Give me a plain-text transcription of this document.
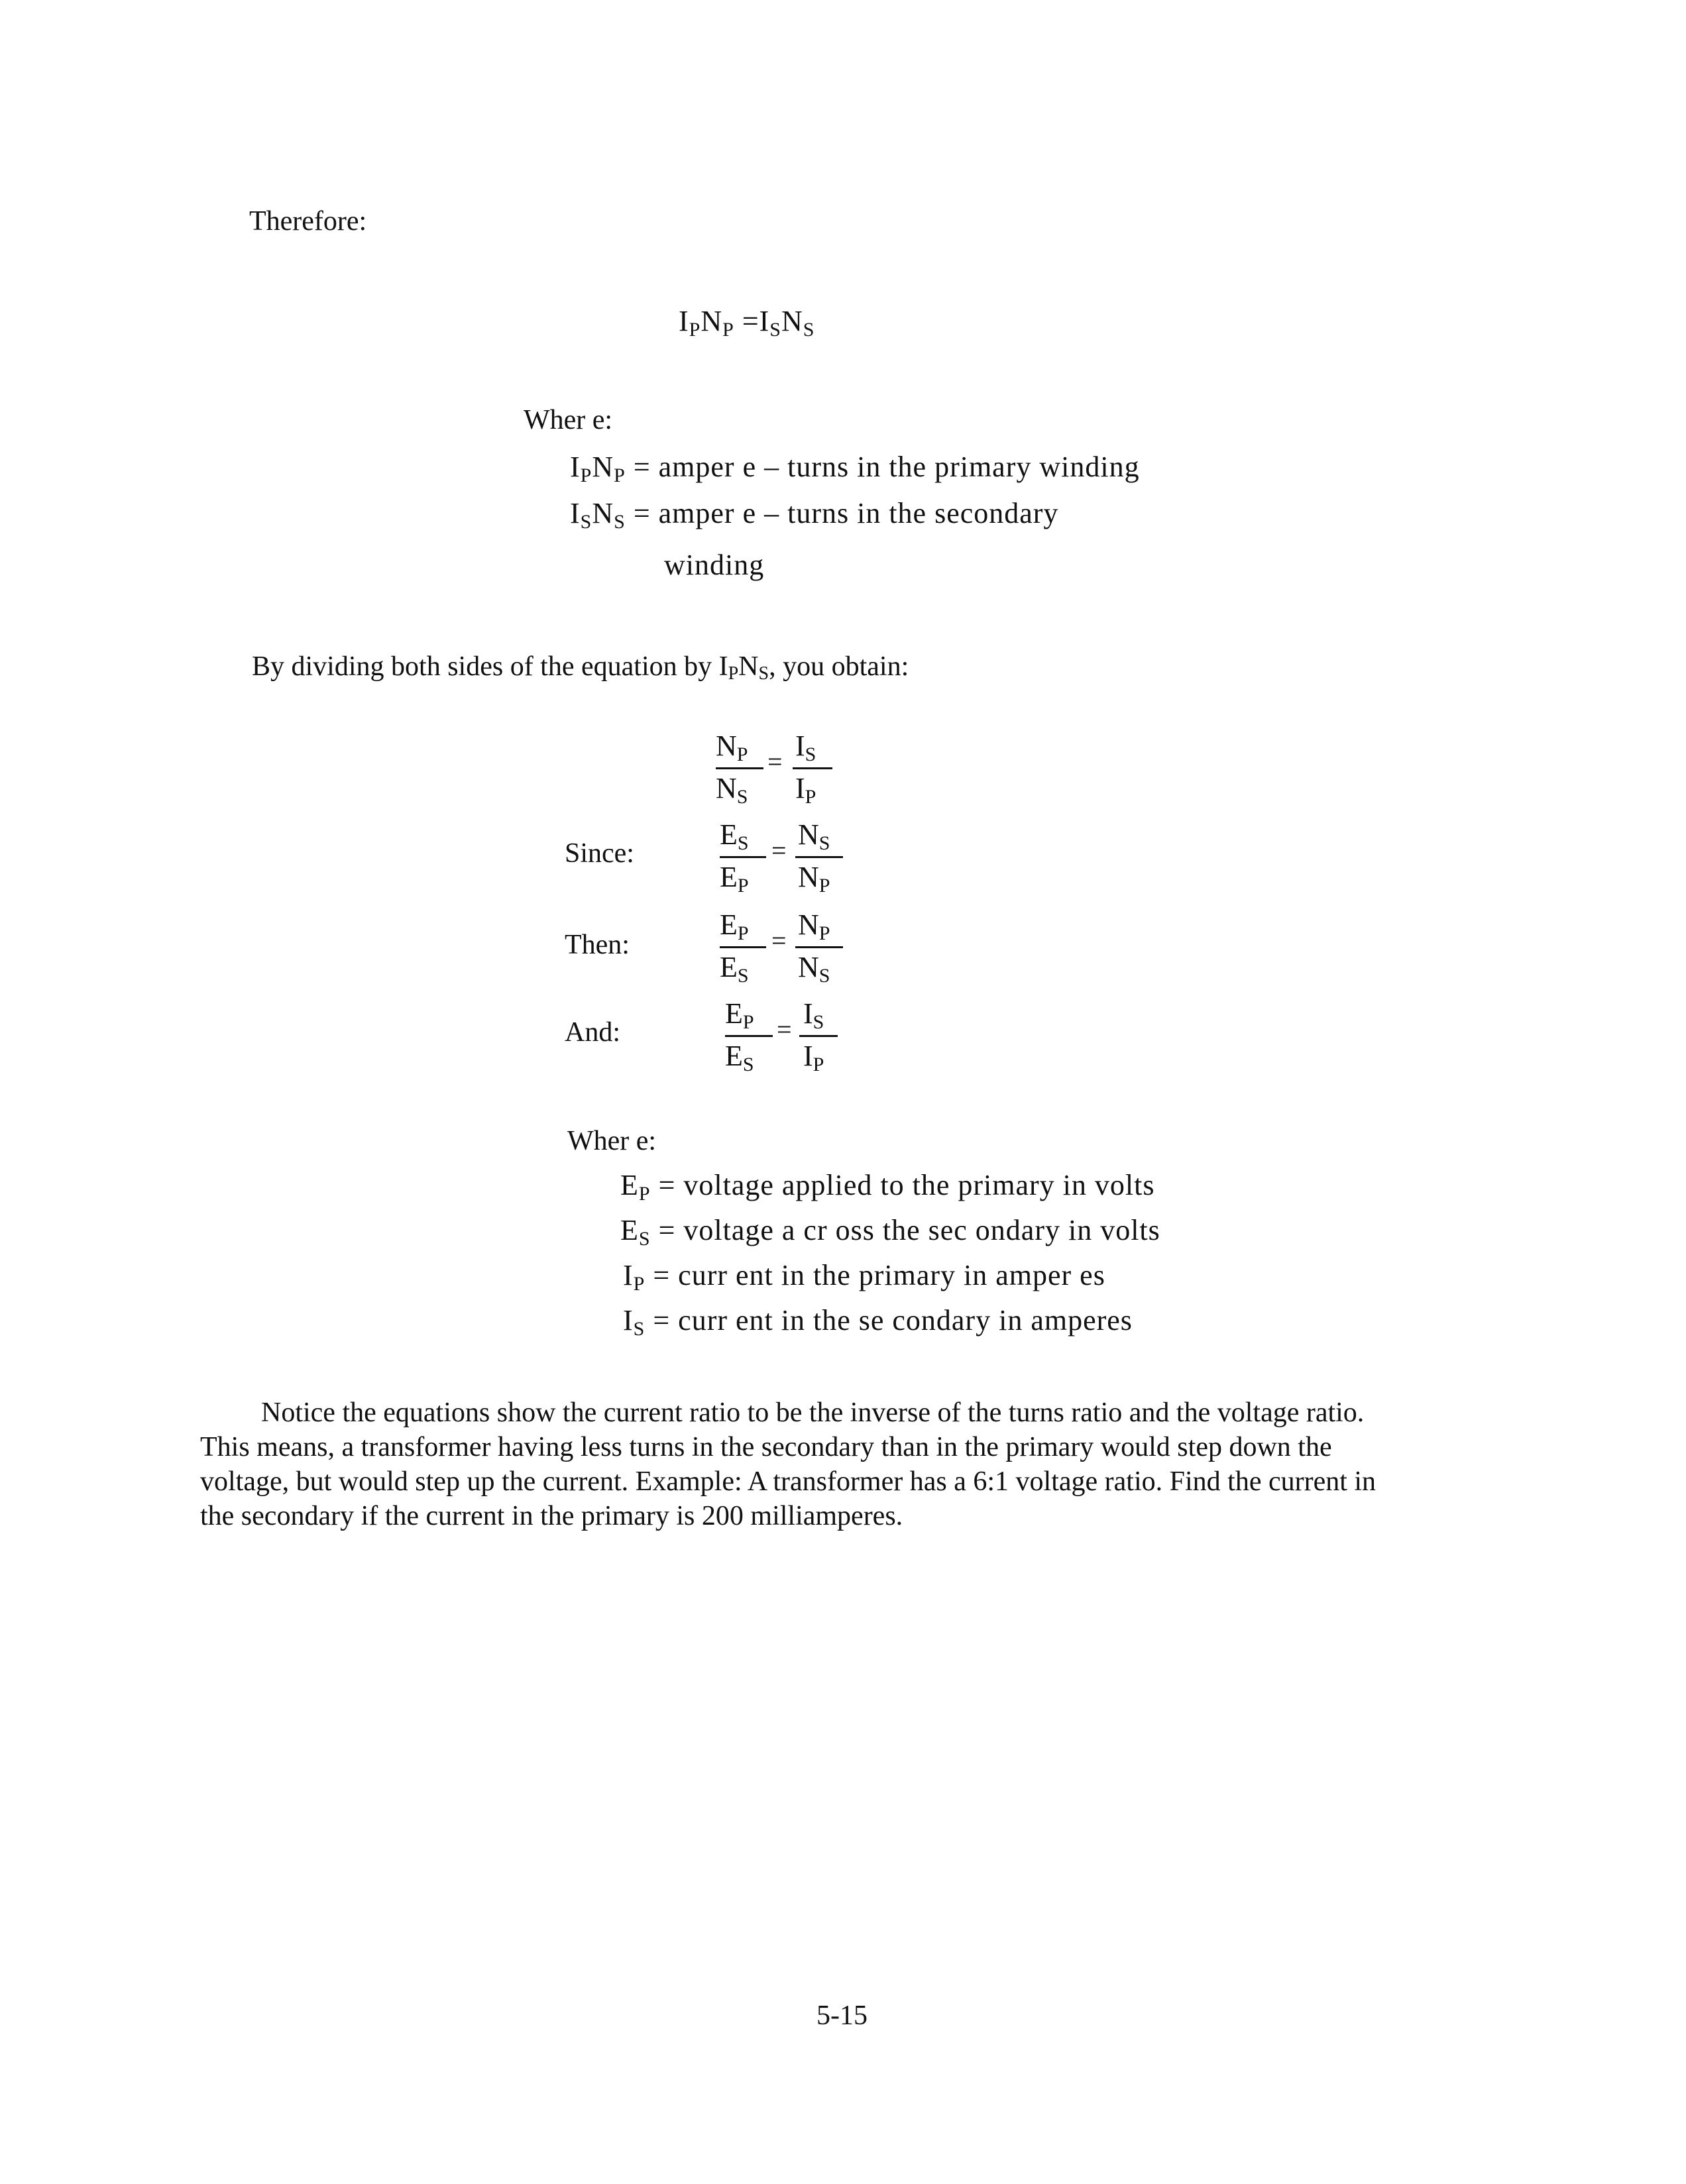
Therefore:
$I_PN_P =I_SN_S$
Wher e:
$I_PN_P$ = amper e – turns in the primary winding
$I_SN_S$ = amper e – turns in the secondary
winding
By dividing both sides of the equation by $I_PN_S$, you obtain:
$N_P$
$N_S$
= $I_S$
$I_P$
Since:
$E_S$
$E_P$
= $N_S$
$N_P$
Then:
$E_P$
$E_S$
= $N_P$
$N_S$
And:
$E_P$
$E_S$
= $I_S$
$I_P$
Wher e:
$E_P$ = voltage applied to the primary in volts
$E_S$ = voltage a cr oss the sec ondary in volts
$I_P$ = curr ent in the primary in amper es
$I_S$ = curr ent in the se condary in amperes
Notice the equations show the current ratio to be the inverse of the turns ratio and the voltage ratio.
This means, a transformer having less turns in the secondary than in the primary would step down the
voltage, but would step up the current. Example: A transformer has a 6:1 voltage ratio. Find the current in
the secondary if the current in the primary is 200 milliamperes.
5-15
